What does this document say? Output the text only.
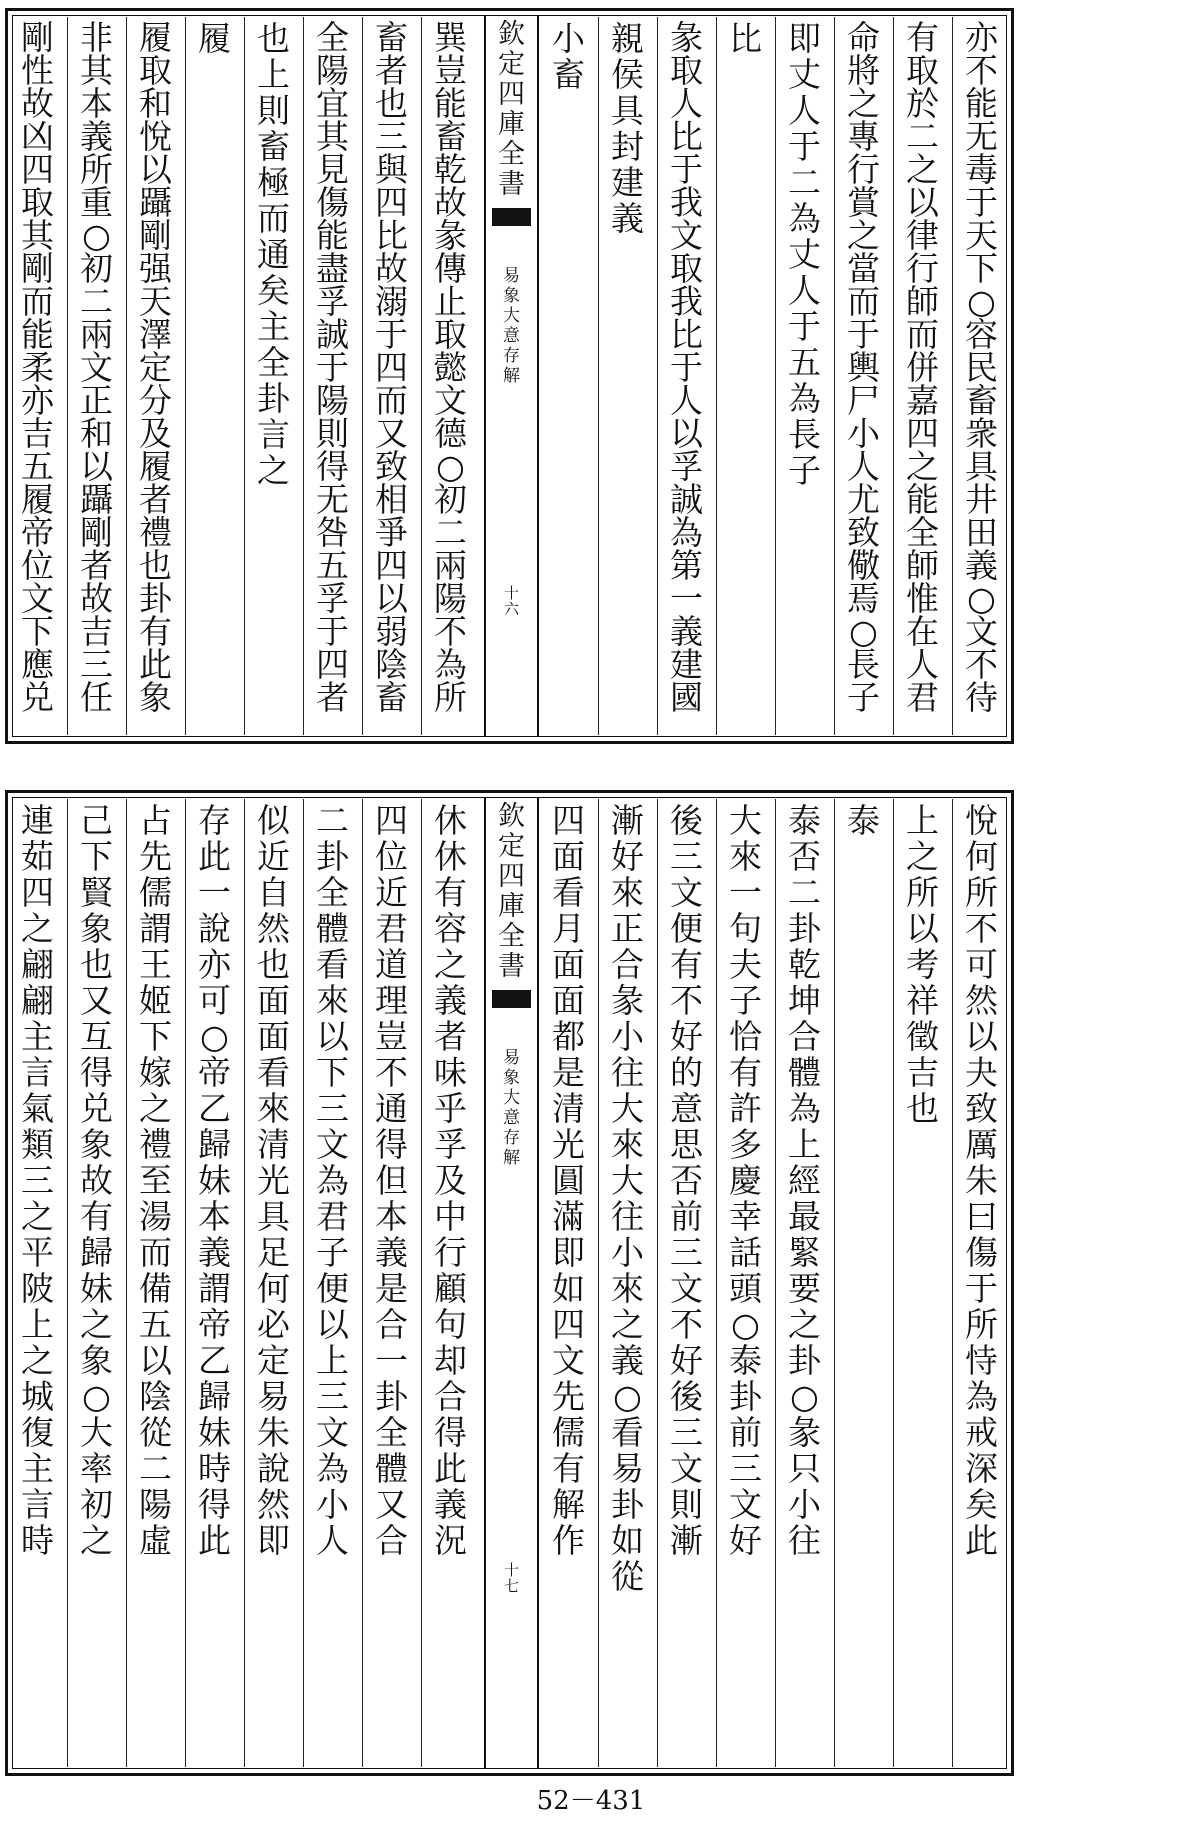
亦
不
能
无
毒
于
天
下
○
容
民
畜
衆
具
井
田
義
○
文
不
待
有
取
於
二
之
以
律
行
師
而
併
嘉
四
之
能
全
師
惟
在
人
君
命
將
之
專
行
賞
之
當
而
于
輿
尸
小
人
尤
致
儆
焉
○
長
子
即
丈
人
于
二
為
丈
人
于
五
為
長
子
比
彖
取
人
比
于
我
文
取
我
比
于
人
以
孚
誠
為
第
一
義
建
國
親
侯
具
封
建
義
小
畜
欽
定
四
庫
全
書
易
象
大
意
存
解
十
六
巽
豈
能
畜
乾
故
彖
傳
止
取
懿
文
德
○
初
二
兩
陽
不
為
所
畜
者
也
三
與
四
比
故
溺
于
四
而
又
致
相
爭
四
以
弱
陰
畜
全
陽
宜
其
見
傷
能
盡
孚
誠
于
陽
則
得
无
咎
五
孚
于
四
者
也
上
則
畜
極
而
通
矣
主
全
卦
言
之
履
履
取
和
悅
以
躡
剛
强
天
澤
定
分
及
履
者
禮
也
卦
有
此
象
非
其
本
義
所
重
○
初
二
兩
文
正
和
以
躡
剛
者
故
吉
三
任
剛
性
故
凶
四
取
其
剛
而
能
柔
亦
吉
五
履
帝
位
文
下
應
兑
悅
何
所
不
可
然
以
夬
致
厲
朱
曰
傷
于
所
恃
為
戒
深
矣
此
上
之
所
以
考
祥
徵
吉
也
泰
泰
否
二
卦
乾
坤
合
體
為
上
經
最
緊
要
之
卦
○
彖
只
小
往
大
來
一
句
夫
子
恰
有
許
多
慶
幸
話
頭
○
泰
卦
前
三
文
好
後
三
文
便
有
不
好
的
意
思
否
前
三
文
不
好
後
三
文
則
漸
漸
好
來
正
合
彖
小
往
大
來
大
往
小
來
之
義
○
看
易
卦
如
從
四
面
看
月
面
面
都
是
清
光
圓
滿
即
如
四
文
先
儒
有
解
作
欽
定
四
庫
全
書
易
象
大
意
存
解
十
七
休
休
有
容
之
義
者
味
乎
孚
及
中
行
顧
句
却
合
得
此
義
況
四
位
近
君
道
理
豈
不
通
得
但
本
義
是
合
一
卦
全
體
又
合
二
卦
全
體
看
來
以
下
三
文
為
君
子
便
以
上
三
文
為
小
人
似
近
自
然
也
面
面
看
來
清
光
具
足
何
必
定
易
朱
說
然
即
存
此
一
說
亦
可
○
帝
乙
歸
妹
本
義
謂
帝
乙
歸
妹
時
得
此
占
先
儒
謂
王
姬
下
嫁
之
禮
至
湯
而
備
五
以
陰
從
二
陽
虛
己
下
賢
象
也
又
互
得
兑
象
故
有
歸
妹
之
象
○
大
率
初
之
連
茹
四
之
翩
翩
主
言
氣
類
三
之
平
陂
上
之
城
復
主
言
時
52－431
